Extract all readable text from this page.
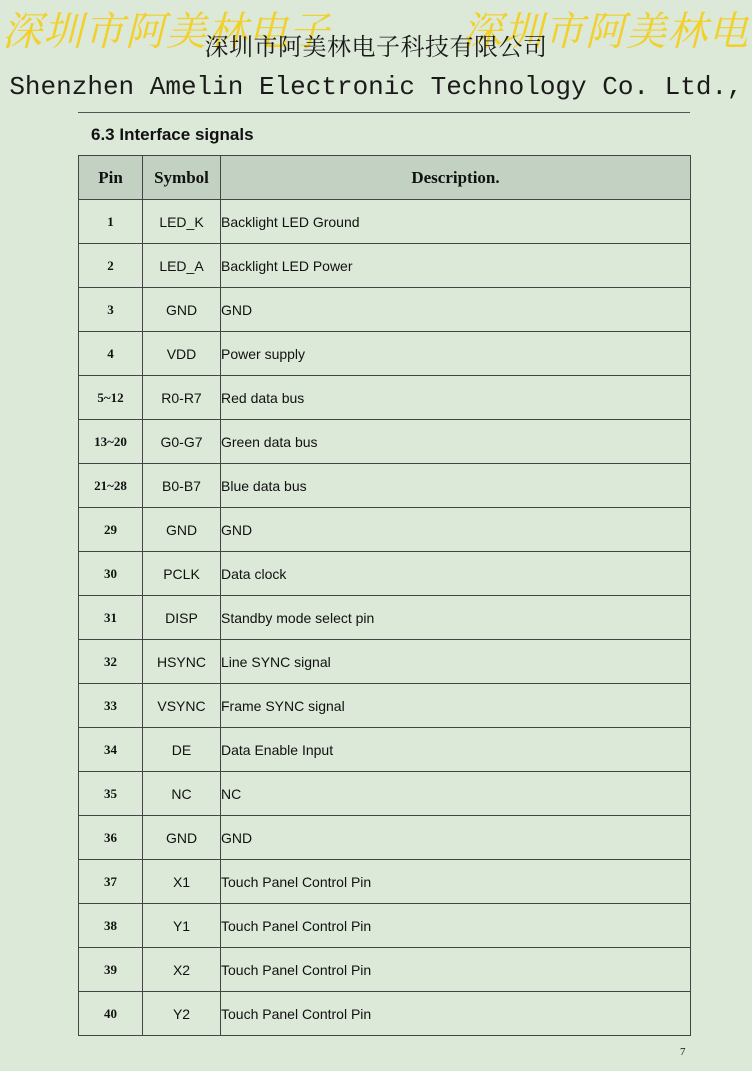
深圳市阿美林电子	深圳市阿美林电
深圳市阿美林电子科技有限公司
Shenzhen Amelin Electronic Technology Co. Ltd.,
6.3 Interface signals
Pin	Symbol	Description.
1	LED_K	Backlight LED Ground
2	LED_A	Backlight LED Power
3	GND	GND
4	VDD	Power supply
5~12	R0-R7	Red data bus
13~20	G0-G7	Green data bus
21~28	B0-B7	Blue data bus
29	GND	GND
30	PCLK	Data clock
31	DISP	Standby mode select pin
32	HSYNC	Line SYNC signal
33	VSYNC	Frame SYNC signal
34	DE	Data Enable Input
35	NC	NC
36	GND	GND
37	X1	Touch Panel Control Pin
38	Y1	Touch Panel Control Pin
39	X2	Touch Panel Control Pin
40	Y2	Touch Panel Control Pin
7
